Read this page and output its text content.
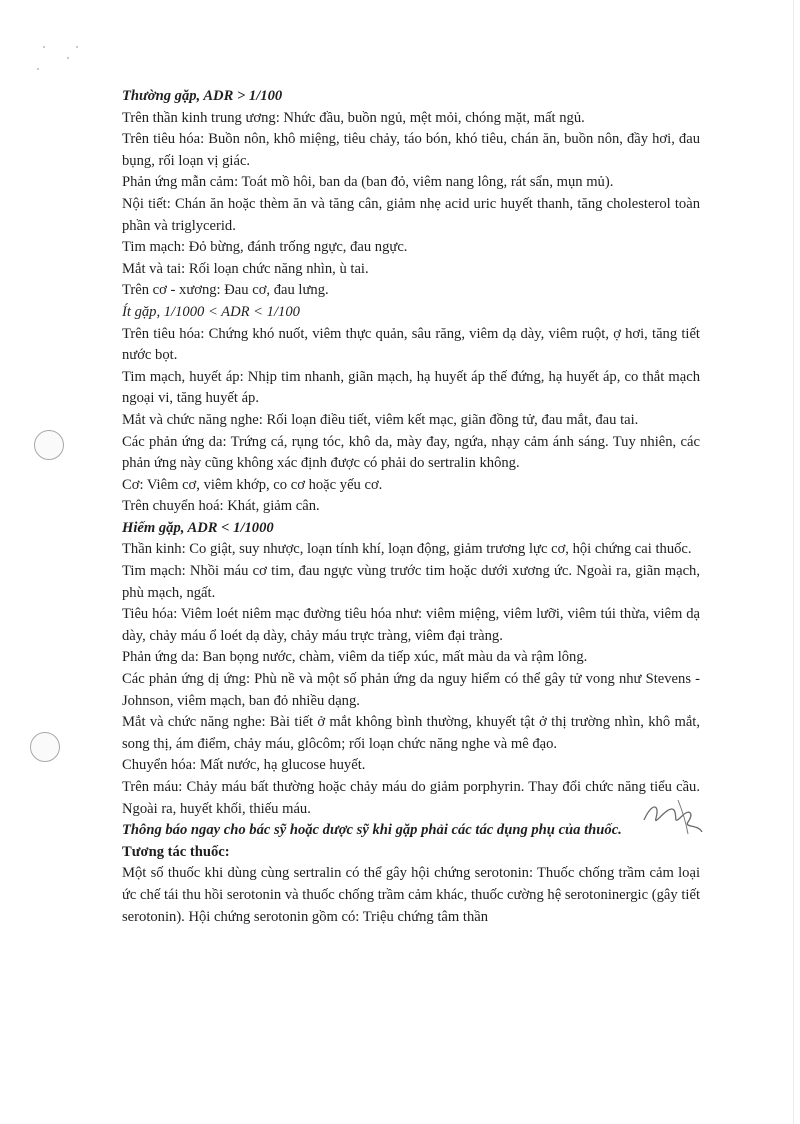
Thường gặp, ADR > 1/100

Trên thần kinh trung ương: Nhức đầu, buồn ngủ, mệt mỏi, chóng mặt, mất ngủ.

Trên tiêu hóa: Buồn nôn, khô miệng, tiêu chảy, táo bón, khó tiêu, chán ăn, buồn nôn, đầy hơi, đau bụng, rối loạn vị giác.

Phản ứng mẫn cảm: Toát mồ hôi, ban da (ban đỏ, viêm nang lông, rát sẩn, mụn mủ).

Nội tiết: Chán ăn hoặc thèm ăn và tăng cân, giảm nhẹ acid uric huyết thanh, tăng cholesterol toàn phần và triglycerid.

Tim mạch: Đỏ bừng, đánh trống ngực, đau ngực.

Mắt và tai: Rối loạn chức năng nhìn, ù tai.

Trên cơ - xương: Đau cơ, đau lưng.

Ít gặp, 1/1000 < ADR < 1/100

Trên tiêu hóa: Chứng khó nuốt, viêm thực quản, sâu răng, viêm dạ dày, viêm ruột, ợ hơi, tăng tiết nước bọt.

Tim mạch, huyết áp: Nhịp tim nhanh, giãn mạch, hạ huyết áp thế đứng, hạ huyết áp, co thắt mạch ngoại vi, tăng huyết áp.

Mắt và chức năng nghe: Rối loạn điều tiết, viêm kết mạc, giãn đồng tử, đau mắt, đau tai.

Các phản ứng da: Trứng cá, rụng tóc, khô da, mày đay, ngứa, nhạy cảm ánh sáng. Tuy nhiên, các phản ứng này cũng không xác định được có phải do sertralin không.

Cơ: Viêm cơ, viêm khớp, co cơ hoặc yếu cơ.

Trên chuyển hoá: Khát, giảm cân.

Hiếm gặp, ADR < 1/1000

Thần kinh: Co giật, suy nhược, loạn tính khí, loạn động, giảm trương lực cơ, hội chứng cai thuốc.

Tim mạch: Nhồi máu cơ tim, đau ngực vùng trước tim hoặc dưới xương ức. Ngoài ra, giãn mạch, phù mạch, ngất.

Tiêu hóa: Viêm loét niêm mạc đường tiêu hóa như: viêm miệng, viêm lưỡi, viêm túi thừa, viêm dạ dày, chảy máu ổ loét dạ dày, chảy máu trực tràng, viêm đại tràng.

Phản ứng da: Ban bọng nước, chàm, viêm da tiếp xúc, mất màu da và rậm lông.

Các phản ứng dị ứng: Phù nề và một số phản ứng da nguy hiểm có thể gây tử vong như Stevens - Johnson, viêm mạch, ban đỏ nhiều dạng.

Mắt và chức năng nghe: Bài tiết ở mắt không bình thường, khuyết tật ở thị trường nhìn, khô mắt, song thị, ám điểm, chảy máu, glôcôm; rối loạn chức năng nghe và mê đạo.

Chuyển hóa: Mất nước, hạ glucose huyết.

Trên máu: Chảy máu bất thường hoặc chảy máu do giảm porphyrin. Thay đổi chức năng tiểu cầu. Ngoài ra, huyết khối, thiếu máu.

Thông báo ngay cho bác sỹ hoặc dược sỹ khi gặp phải các tác dụng phụ của thuốc.

Tương tác thuốc:

Một số thuốc khi dùng cùng sertralin có thể gây hội chứng serotonin: Thuốc chống trầm cảm loại ức chế tái thu hồi serotonin và thuốc chống trầm cảm khác, thuốc cường hệ serotoninergic (gây tiết serotonin). Hội chứng serotonin gồm có: Triệu chứng tâm thần
